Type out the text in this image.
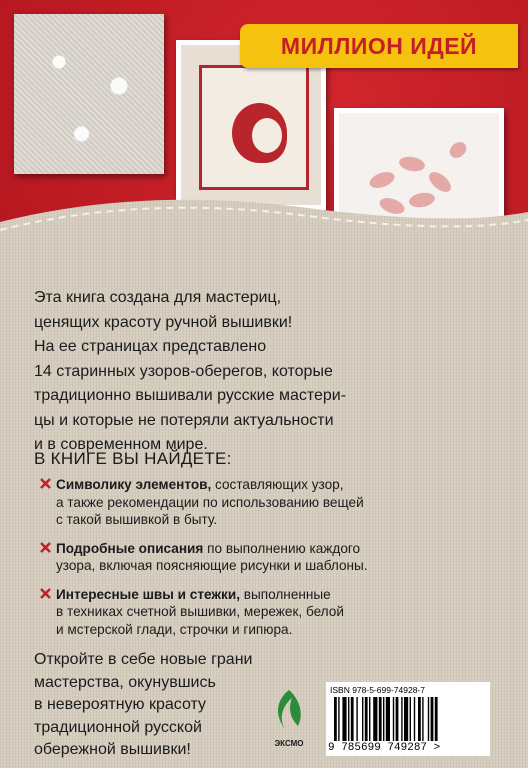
МИЛЛИОН ИДЕЙ
Эта книга создана для мастериц,
ценящих красоту ручной вышивки!
На ее страницах представлено
14 старинных узоров-оберегов, которые
традиционно вышивали русские мастери-
цы и которые не потеряли актуальности
и в современном мире.
В КНИГЕ ВЫ НАЙДЕТЕ:
Символику элементов, составляющих узор,
а также рекомендации по использованию вещей
с такой вышивкой в быту.
Подробные описания по выполнению каждого
узора, включая поясняющие рисунки и шаблоны.
Интересные швы и стежки, выполненные
в техниках счетной вышивки, мережек, белой
и мстерской глади, строчки и гипюра.
Откройте в себе новые грани
мастерства, окунувшись
в невероятную красоту
традиционной русской
обережной вышивки!	ЭКСМО
ISBN 978-5-699-74928-7
9 785699 749287 >
